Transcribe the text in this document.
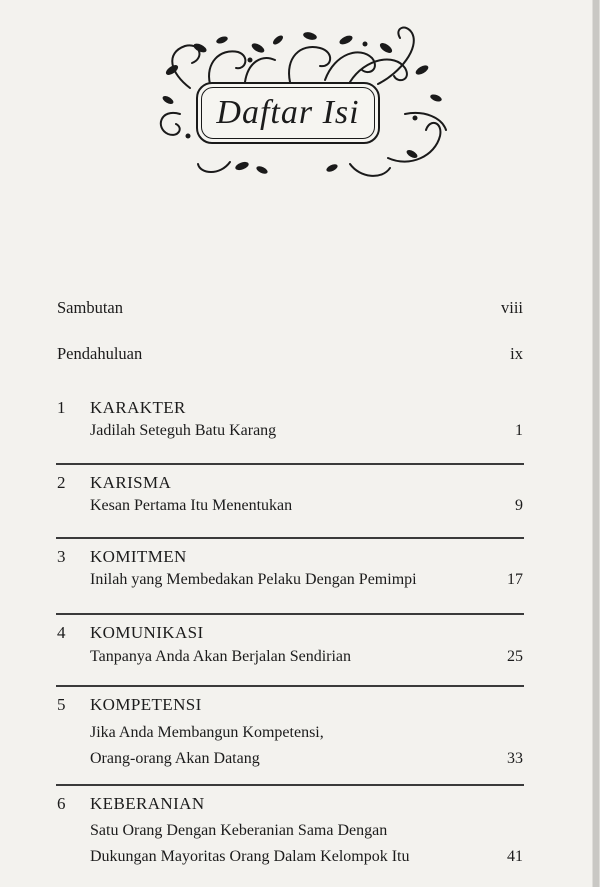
Daftar Isi
Sambutan	viii
Pendahuluan	ix
1	KARAKTER
Jadilah Seteguh Batu Karang	1
2	KARISMA
Kesan Pertama Itu Menentukan	9
3	KOMITMEN
Inilah yang Membedakan Pelaku Dengan Pemimpi	17
4	KOMUNIKASI
Tanpanya Anda Akan Berjalan Sendirian	25
5	KOMPETENSI
Jika Anda Membangun Kompetensi,
Orang-orang Akan Datang	33
6	KEBERANIAN
Satu Orang Dengan Keberanian Sama Dengan
Dukungan Mayoritas Orang Dalam Kelompok Itu	41
